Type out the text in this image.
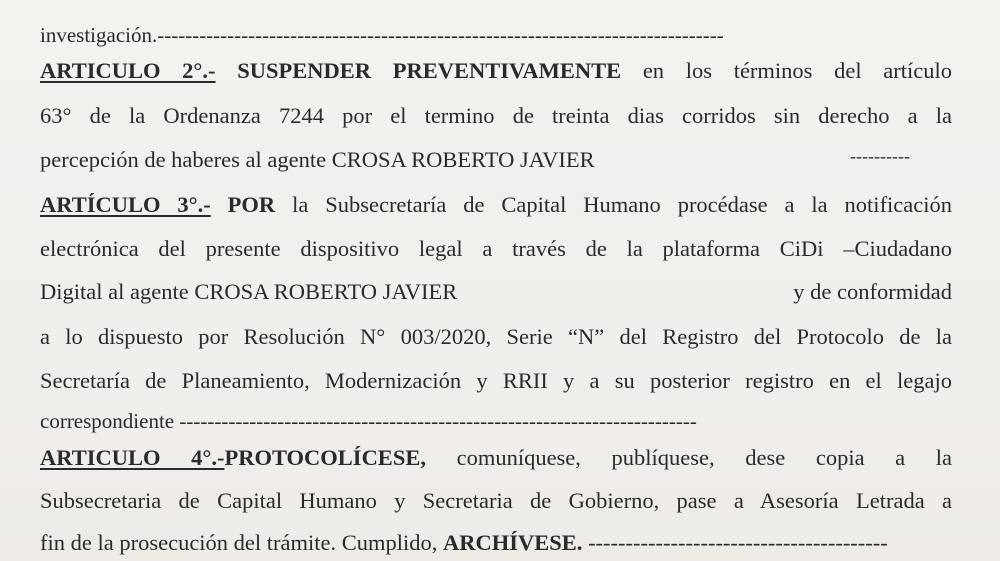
investigación.---------------------------------------------------------------------------------
ARTICULO 2°.- SUSPENDER PREVENTIVAMENTE en los términos del artículo
63° de la Ordenanza 7244 por el termino de treinta dias corridos sin derecho a la
percepción de haberes al agente CROSA ROBERTO JAVIER	----------
ARTÍCULO 3°.- POR la Subsecretaría de Capital Humano procédase a la notificación
electrónica del presente dispositivo legal a través de la plataforma CiDi –Ciudadano
Digital al agente CROSA ROBERTO JAVIER	y de conformidad
a lo dispuesto por Resolución N° 003/2020, Serie “N” del Registro del Protocolo de la
Secretaría de Planeamiento, Modernización y RRII y a su posterior registro en el legajo
correspondiente --------------------------------------------------------------------------
ARTICULO 4°.-PROTOCOLÍCESE, comuníquese, publíquese, dese copia a la
Subsecretaria de Capital Humano y Secretaria de Gobierno, pase a Asesoría Letrada a
fin de la prosecución del trámite. Cumplido, ARCHÍVESE. ----------------------------------------
